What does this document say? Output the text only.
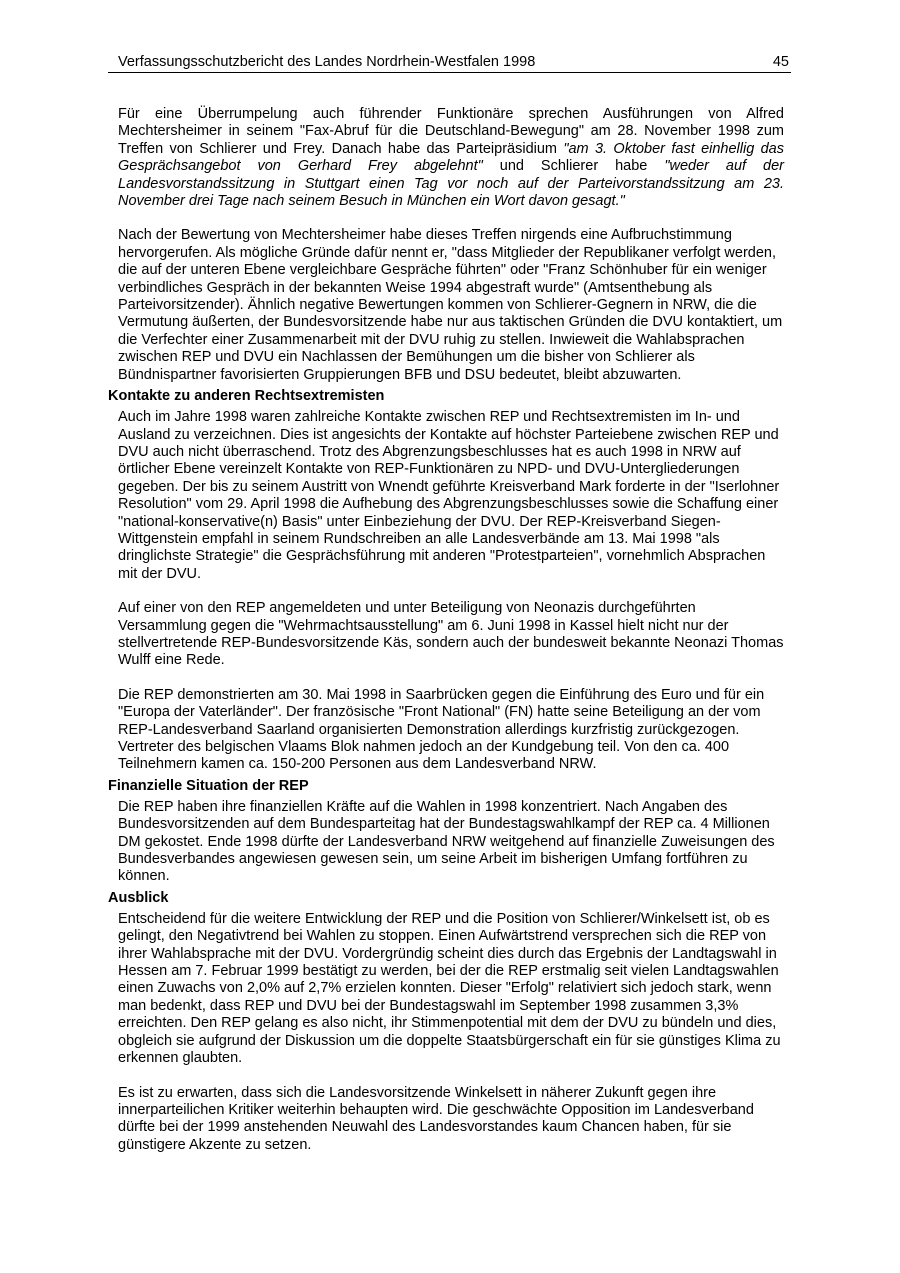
Verfassungsschutzbericht des Landes Nordrhein-Westfalen 1998	45

Für eine Überrumpelung auch führender Funktionäre sprechen Ausführungen von Alfred Mechtersheimer in seinem "Fax-Abruf für die Deutschland-Bewegung" am 28. November 1998 zum Treffen von Schlierer und Frey. Danach habe das Parteipräsidium "am 3. Oktober fast einhellig das Gesprächsangebot von Gerhard Frey abgelehnt" und Schlierer habe "weder auf der Landesvorstandssitzung in Stuttgart einen Tag vor noch auf der Parteivorstandssitzung am 23. November drei Tage nach seinem Besuch in München ein Wort davon gesagt."

Nach der Bewertung von Mechtersheimer habe dieses Treffen nirgends eine Aufbruchstimmung hervorgerufen. Als mögliche Gründe dafür nennt er, "dass Mitglieder der Republikaner verfolgt werden, die auf der unteren Ebene vergleichbare Gespräche führten" oder "Franz Schönhuber für ein weniger verbindliches Gespräch in der bekannten Weise 1994 abgestraft wurde" (Amtsenthebung als Parteivorsitzender). Ähnlich negative Bewertungen kommen von Schlierer-Gegnern in NRW, die die Vermutung äußerten, der Bundesvorsitzende habe nur aus taktischen Gründen die DVU kontaktiert, um die Verfechter einer Zusammenarbeit mit der DVU ruhig zu stellen. Inwieweit die Wahlabsprachen zwischen REP und DVU ein Nachlassen der Bemühungen um die bisher von Schlierer als Bündnispartner favorisierten Gruppierungen BFB und DSU bedeutet, bleibt abzuwarten.

Kontakte zu anderen Rechtsextremisten

Auch im Jahre 1998 waren zahlreiche Kontakte zwischen REP und Rechtsextremisten im In- und Ausland zu verzeichnen. Dies ist angesichts der Kontakte auf höchster Parteiebene zwischen REP und DVU auch nicht überraschend. Trotz des Abgrenzungsbeschlusses hat es auch 1998 in NRW auf örtlicher Ebene vereinzelt Kontakte von REP-Funktionären zu NPD- und DVU-Untergliederungen gegeben. Der bis zu seinem Austritt von Wnendt geführte Kreisverband Mark forderte in der "Iserlohner Resolution" vom 29. April 1998 die Aufhebung des Abgrenzungsbeschlusses sowie die Schaffung einer "national-konservative(n) Basis" unter Einbeziehung der DVU. Der REP-Kreisverband Siegen-Wittgenstein empfahl in seinem Rundschreiben an alle Landesverbände am 13. Mai 1998 "als dringlichste Strategie" die Gesprächsführung mit anderen "Protestparteien", vornehmlich Absprachen mit der DVU.

Auf einer von den REP angemeldeten und unter Beteiligung von Neonazis durchgeführten Versammlung gegen die "Wehrmachtsausstellung" am 6. Juni 1998 in Kassel hielt nicht nur der stellvertretende REP-Bundesvorsitzende Käs, sondern auch der bundesweit bekannte Neonazi Thomas Wulff eine Rede.

Die REP demonstrierten am 30. Mai 1998 in Saarbrücken gegen die Einführung des Euro und für ein "Europa der Vaterländer". Der französische "Front National" (FN) hatte seine Beteiligung an der vom REP-Landesverband Saarland organisierten Demonstration allerdings kurzfristig zurückgezogen. Vertreter des belgischen Vlaams Blok nahmen jedoch an der Kundgebung teil. Von den ca. 400 Teilnehmern kamen ca. 150-200 Personen aus dem Landesverband NRW.

Finanzielle Situation der REP

Die REP haben ihre finanziellen Kräfte auf die Wahlen in 1998 konzentriert. Nach Angaben des Bundesvorsitzenden auf dem Bundesparteitag hat der Bundestagswahlkampf der REP ca. 4 Millionen DM gekostet. Ende 1998 dürfte der Landesverband NRW weitgehend auf finanzielle Zuweisungen des Bundesverbandes angewiesen gewesen sein, um seine Arbeit im bisherigen Umfang fortführen zu können.

Ausblick

Entscheidend für die weitere Entwicklung der REP und die Position von Schlierer/Winkelsett ist, ob es gelingt, den Negativtrend bei Wahlen zu stoppen. Einen Aufwärtstrend versprechen sich die REP von ihrer Wahlabsprache mit der DVU. Vordergründig scheint dies durch das Ergebnis der Landtagswahl in Hessen am 7. Februar 1999 bestätigt zu werden, bei der die REP erstmalig seit vielen Landtagswahlen einen Zuwachs von 2,0% auf 2,7% erzielen konnten. Dieser "Erfolg" relativiert sich jedoch stark, wenn man bedenkt, dass REP und DVU bei der Bundestagswahl im September 1998 zusammen 3,3% erreichten. Den REP gelang es also nicht, ihr Stimmenpotential mit dem der DVU zu bündeln und dies, obgleich sie aufgrund der Diskussion um die doppelte Staatsbürgerschaft ein für sie günstiges Klima zu erkennen glaubten.

Es ist zu erwarten, dass sich die Landesvorsitzende Winkelsett in näherer Zukunft gegen ihre innerparteilichen Kritiker weiterhin behaupten wird. Die geschwächte Opposition im Landesverband dürfte bei der 1999 anstehenden Neuwahl des Landesvorstandes kaum Chancen haben, für sie günstigere Akzente zu setzen.
